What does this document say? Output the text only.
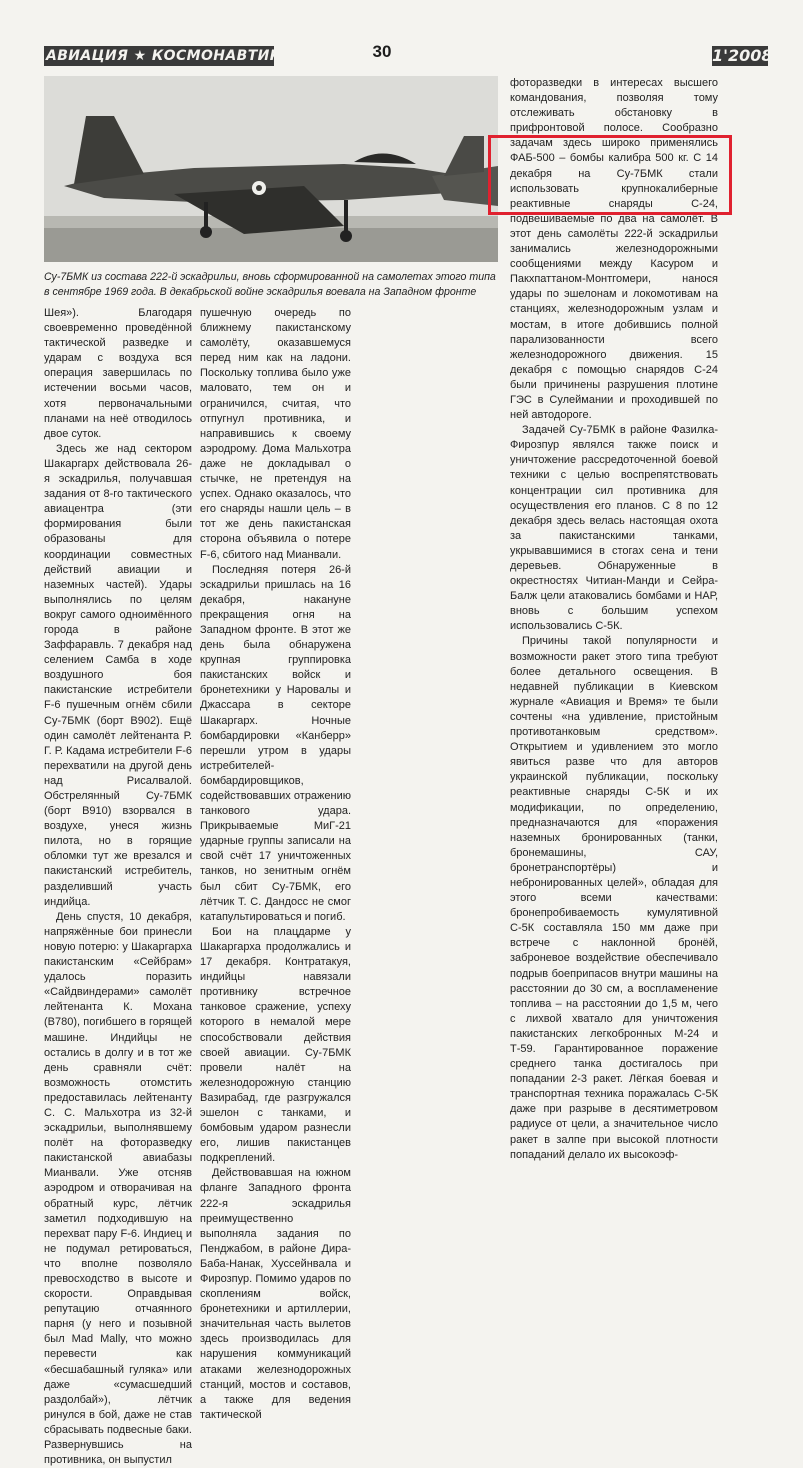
АВИАЦИЯ ★ КОСМОНАВТИКА	30	1'2008
Су-7БМК из состава 222-й эскадрильи, вновь сформированной на самолетах этого типа в сентябре 1969 года. В декабрьской войне эскадрилья воевала на Западном фронте

Шея»). Благодаря своевременно проведённой тактической разведке и ударам с воздуха вся операция завершилась по истечении восьми часов, хотя первоначальными планами на неё отводилось двое суток.

Здесь же над сектором Шакаргарх действовала 26-я эскадрилья, получавшая задания от 8-го тактического авиацентра (эти формирования были образованы для координации совместных действий авиации и наземных частей). Удары выполнялись по целям вокруг самого одноимённого города в районе Заффаравль. 7 декабря над селением Самба в ходе воздушного боя пакистанские истребители F-6 пушечным огнём сбили Су-7БМК (борт В902). Ещё один самолёт лейтенанта Р. Г. Р. Кадама истребители F-6 перехватили на другой день над Рисалвалой. Обстрелянный Су-7БМК (борт В910) взорвался в воздухе, унеся жизнь пилота, но в горящие обломки тут же врезался и пакистанский истребитель, разделивший участь индийца.

День спустя, 10 декабря, напряжённые бои принесли новую потерю: у Шакаргарха пакистанским «Сейбрам» удалось поразить «Сайдвиндерами» самолёт лейтенанта К. Мохана (В780), погибшего в горящей машине. Индийцы не остались в долгу и в тот же день сравняли счёт: возможность отомстить предоставилась лейтенанту С. С. Мальхотра из 32-й эскадрильи, выполнявшему полёт на фоторазведку пакистанской авиабазы Мианвали. Уже отсняв аэродром и отворачивая на обратный курс, лётчик заметил подходившую на перехват пару F-6. Индиец и не подумал ретироваться, что вполне позволяло превосходство в высоте и скорости. Оправдывая репутацию отчаянного парня (у него и позывной был Mad Mally, что можно перевести как «бесшабашный гуляка» или даже «сумасшедший раздолбай»), лётчик ринулся в бой, даже не став сбрасывать подвесные баки. Развернувшись на противника, он выпустил

пушечную очередь по ближнему пакистанскому самолёту, оказавшемуся перед ним как на ладони. Поскольку топлива было уже маловато, тем он и ограничился, считая, что отпугнул противника, и направившись к своему аэродрому. Дома Мальхотра даже не докладывал о стычке, не претендуя на успех. Однако оказалось, что его снаряды нашли цель – в тот же день пакистанская сторона объявила о потере F-6, сбитого над Мианвали.

Последняя потеря 26-й эскадрильи пришлась на 16 декабря, накануне прекращения огня на Западном фронте. В этот же день была обнаружена крупная группировка пакистанских войск и бронетехники у Наровалы и Джассара в секторе Шакаргарх. Ночные бомбардировки «Канберр» перешли утром в удары истребителей-бомбардировщиков, содействовавших отражению танкового удара. Прикрываемые МиГ-21 ударные группы записали на свой счёт 17 уничтоженных танков, но зенитным огнём был сбит Су-7БМК, его лётчик Т. С. Дандосс не смог катапультироваться и погиб.

Бои на плацдарме у Шакаргарха продолжались и 17 декабря. Контратакуя, индийцы навязали противнику встречное танковое сражение, успеху которого в немалой мере способствовали действия своей авиации. Су-7БМК провели налёт на железнодорожную станцию Вазирабад, где разгружался эшелон с танками, и бомбовым ударом разнесли его, лишив пакистанцев подкреплений.

Действовавшая на южном фланге Западного фронта 222-я эскадрилья преимущественно выполняла задания по Пенджабом, в районе Дира-Баба-Нанак, Хуссейнвала и Фирозпур. Помимо ударов по скоплениям войск, бронетехники и артиллерии, значительная часть вылетов здесь производилась для нарушения коммуникаций атаками железнодорожных станций, мостов и составов, а также для ведения тактической

фоторазведки в интересах высшего командования, позволяя тому отслеживать обстановку в прифронтовой полосе. Сообразно задачам здесь широко применялись ФАБ-500 – бомбы калибра 500 кг. С 14 декабря на Су-7БМК стали использовать крупнокалиберные реактивные снаряды С-24, подвешиваемые по два на самолёт. В этот день самолёты 222-й эскадрильи занимались железнодорожными сообщениями между Касуром и Пакхпаттаном-Монтгомери, нанося удары по эшелонам и локомотивам на станциях, железнодорожным узлам и мостам, в итоге добившись полной парализованности всего железнодорожного движения. 15 декабря с помощью снарядов С-24 были причинены разрушения плотине ГЭС в Сулеймании и проходившей по ней автодороге.

Задачей Су-7БМК в районе Фазилка-Фирозпур являлся также поиск и уничтожение рассредоточенной боевой техники с целью воспрепятствовать концентрации сил противника для осуществления его планов. С 8 по 12 декабря здесь велась настоящая охота за пакистанскими танками, укрывавшимися в стогах сена и тени деревьев. Обнаруженные в окрестностях Читиан-Манди и Сейра-Балж цели атаковались бомбами и НАР, вновь с большим успехом использовались С-5К.

Причины такой популярности и возможности ракет этого типа требуют более детального освещения. В недавней публикации в Киевском журнале «Авиация и Время» те были сочтены «на удивление, пристойным противотанковым средством». Открытием и удивлением это могло явиться разве что для авторов украинской публикации, поскольку реактивные снаряды С-5К и их модификации, по определению, предназначаются для «поражения наземных бронированных (танки, бронемашины, САУ, бронетранспортёры) и небронированных целей», обладая для этого всеми качествами: бронепробиваемость кумулятивной С-5К составляла 150 мм даже при встрече с наклонной бронёй, заброневое воздействие обеспечивало подрыв боеприпасов внутри машины на расстоянии до 30 см, а воспламенение топлива – на расстоянии до 1,5 м, чего с лихвой хватало для уничтожения пакистанских легкобронных М-24 и Т-59. Гарантированное поражение среднего танка достигалось при попадании 2-3 ракет. Лёгкая боевая и транспортная техника поражалась С-5К даже при разрыве в десятиметровом радиусе от цели, а значительное число ракет в залпе при высокой плотности попаданий делало их высокоэф-
